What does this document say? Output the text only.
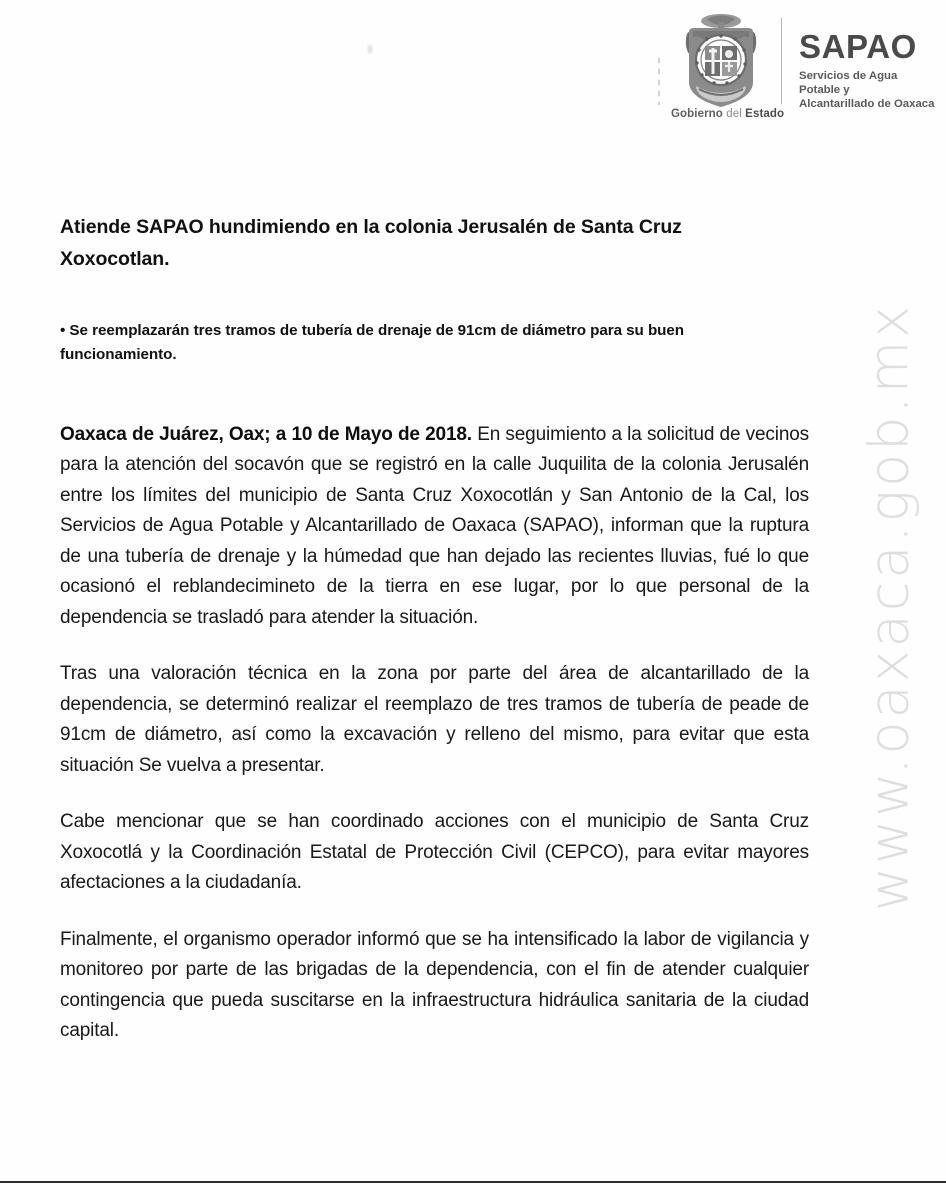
Gobierno del Estado
SAPAO
Servicios de Agua Potable y
Alcantarillado de Oaxaca
www.oaxaca.gob.mx
Atiende SAPAO hundimiendo en la colonia Jerusalén de Santa Cruz Xoxocotlan.

• Se reemplazarán tres tramos de tubería de drenaje de 91cm de diámetro para su buen funcionamiento.

Oaxaca de Juárez, Oax; a 10 de Mayo de 2018. En seguimiento a la solicitud de vecinos para la atención del socavón que se registró en la calle Juquilita de la colonia Jerusalén entre los límites del municipio de Santa Cruz Xoxocotlán y San Antonio de la Cal, los Servicios de Agua Potable y Alcantarillado de Oaxaca (SAPAO), informan que la ruptura de una tubería de drenaje y la húmedad que han dejado las recientes lluvias, fué lo que ocasionó el reblandecimineto de la tierra en ese lugar, por lo que personal de la dependencia se trasladó para atender la situación.

Tras una valoración técnica en la zona por parte del área de alcantarillado de la dependencia, se determinó realizar el reemplazo de tres tramos de tubería de peade de 91cm de diámetro, así como la excavación y relleno del mismo, para evitar que esta situación Se vuelva a presentar.

Cabe mencionar que se han coordinado acciones con el municipio de Santa Cruz Xoxocotlá y la Coordinación Estatal de Protección Civil (CEPCO), para evitar mayores afectaciones a la ciudadanía.

Finalmente, el organismo operador informó que se ha intensificado la labor de vigilancia y monitoreo por parte de las brigadas de la dependencia, con el fin de atender cualquier contingencia que pueda suscitarse en la infraestructura hidráulica sanitaria de la ciudad capital.
